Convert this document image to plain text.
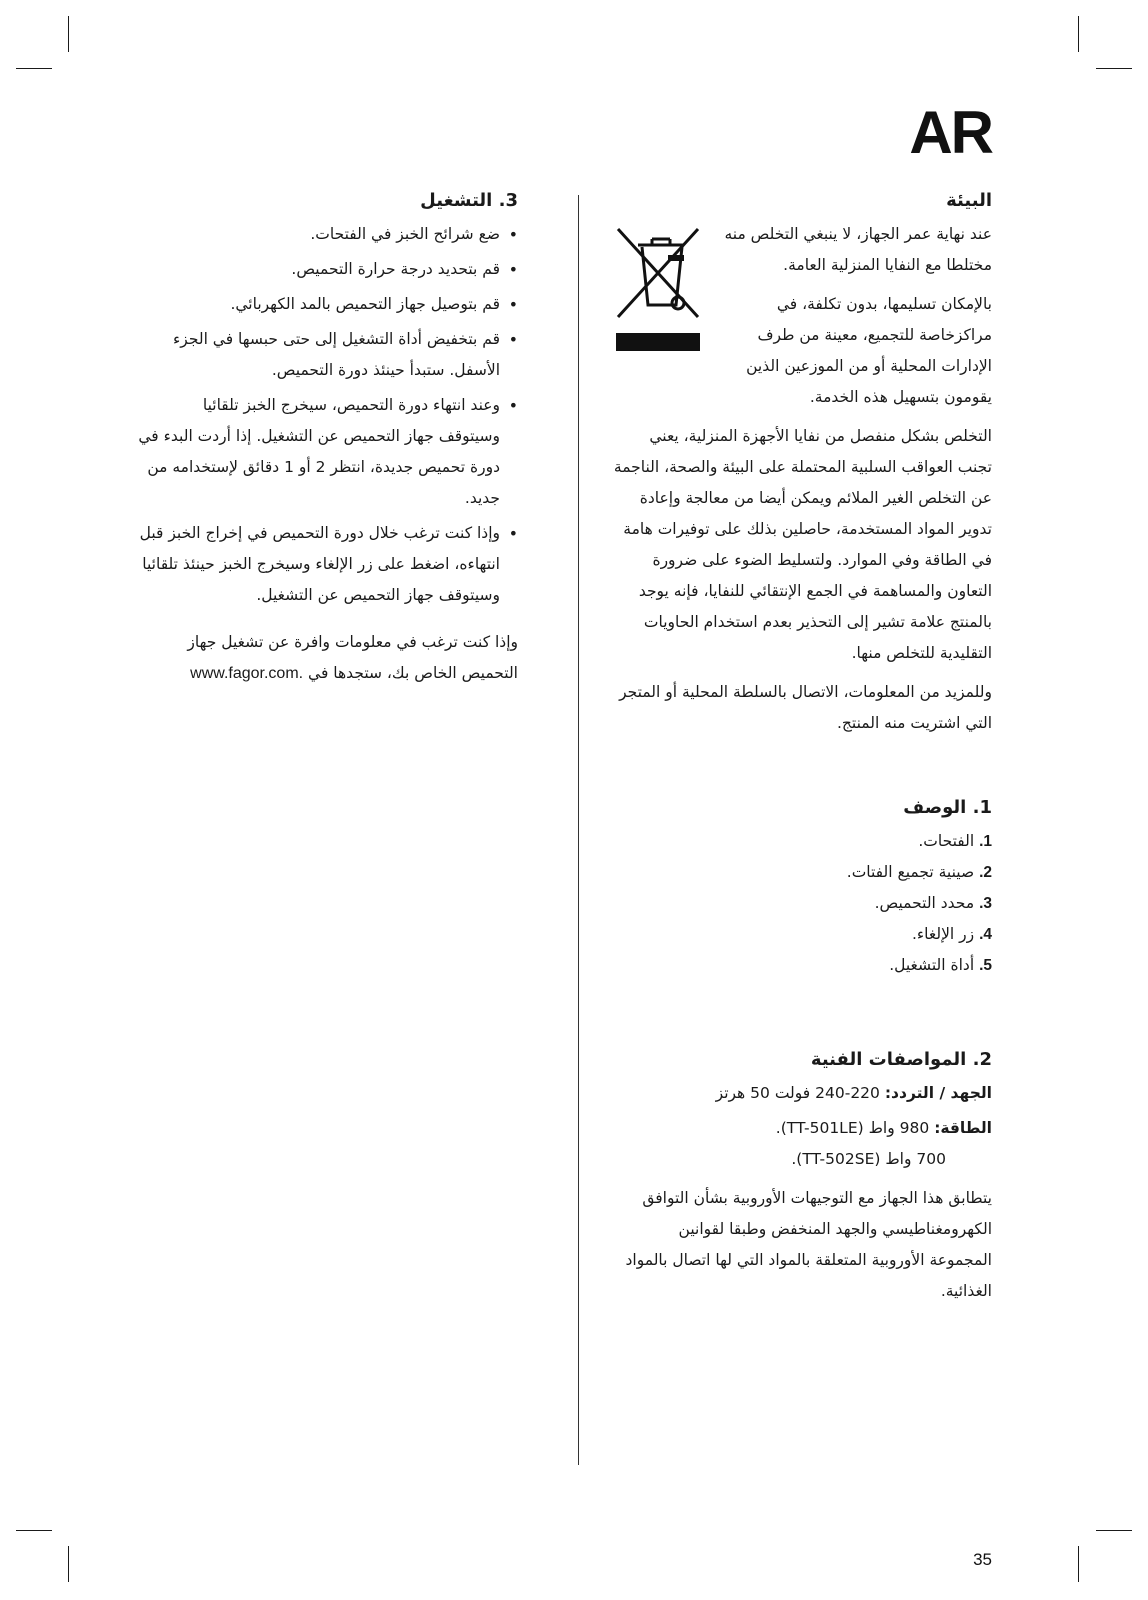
AR
البيئة

عند نهاية عمر الجهاز، لا ينبغي التخلص منه مختلطا مع النفايا المنزلية العامة.

بالإمكان تسليمها، بدون تكلفة، في مراكزخاصة للتجميع، معينة من طرف الإدارات المحلية أو من الموزعين الذين يقومون بتسهيل هذه الخدمة.

التخلص بشكل منفصل من نفايا الأجهزة المنزلية، يعني تجنب العواقب السلبية المحتملة على البيئة والصحة، الناجمة عن التخلص الغير الملائم ويمكن أيضا من معالجة وإعادة تدوير المواد المستخدمة، حاصلين بذلك على توفيرات هامة في الطاقة وفي الموارد. ولتسليط الضوء على ضرورة التعاون والمساهمة في الجمع الإنتقائي للنفايا، فإنه يوجد بالمنتج علامة تشير إلى التحذير بعدم استخدام الحاويات التقليدية للتخلص منها.

وللمزيد من المعلومات، الاتصال بالسلطة المحلية أو المتجر التي اشتريت منه المنتج.

1. الوصف
1. الفتحات.
2. صينية تجميع الفتات.
3. محدد التحميص.
4. زر الإلغاء.
5. أداة التشغيل.
2. المواصفات الفنية
الجهد / التردد: 220-240 فولت 50 هرتز
الطاقة: 980 واط (TT-501LE).
700 واط (TT-502SE).

يتطابق هذا الجهاز مع التوجيهات الأوروبية بشأن التوافق الكهرومغناطيسي والجهد المنخفض وطبقا لقوانين المجموعة الأوروبية المتعلقة بالمواد التي لها اتصال بالمواد الغذائية.

3. التشغيل
• ضع شرائح الخبز في الفتحات.
• قم بتحديد درجة حرارة التحميص.
• قم بتوصيل جهاز التحميص بالمد الكهربائي.
• قم بتخفيض أداة التشغيل إلى حتى حبسها في الجزء الأسفل. ستبدأ حينئذ دورة التحميص.
• وعند انتهاء دورة التحميص، سيخرج الخبز تلقائيا وسيتوقف جهاز التحميص عن التشغيل. إذا أردت البدء في دورة تحميص جديدة، انتظر 2 أو 1 دقائق لإستخدامه من جديد.
• وإذا كنت ترغب خلال دورة التحميص في إخراج الخبز قبل انتهاءه، اضغط على زر الإلغاء وسيخرج الخبز حينئذ تلقائيا وسيتوقف جهاز التحميص عن التشغيل.

وإذا كنت ترغب في معلومات وافرة عن تشغيل جهاز التحميص الخاص بك، ستجدها في www.fagor.com.

35
